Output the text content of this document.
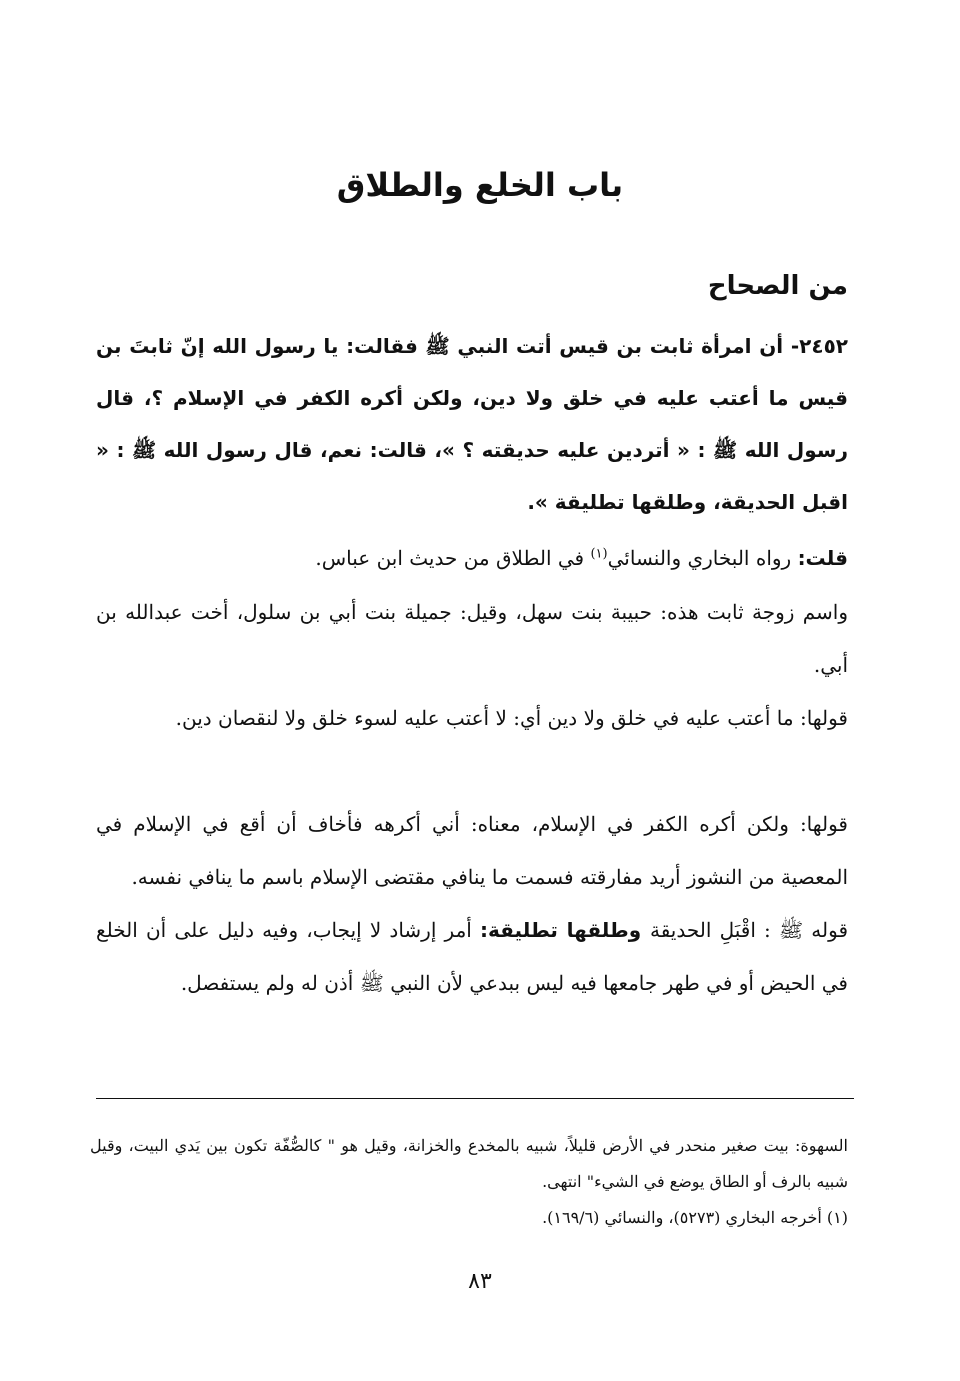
باب الخلع والطلاق
من الصحاح
٢٤٥٢- أن امرأة ثابت بن قيس أتت النبي ﷺ فقالت: يا رسول الله إنّ ثابتَ بن قيس ما أعتب عليه في خلق ولا دين، ولكن أكره الكفر في الإسلام ؟، قال رسول الله ﷺ : « أتردين عليه حديقته ؟ »، قالت: نعم، قال رسول الله ﷺ : « اقبل الحديقة، وطلقها تطليقة ».
قلت: رواه البخاري والنسائي$^{(١)}$ في الطلاق من حديث ابن عباس.
واسم زوجة ثابت هذه: حبيبة بنت سهل، وقيل: جميلة بنت أبي بن سلول، أخت عبدالله بن أبي.
قولها: ما أعتب عليه في خلق ولا دين أي: لا أعتب عليه لسوء خلق ولا لنقصان دين.
قولها: ولكن أكره الكفر في الإسلام، معناه: أني أكرهه فأخاف أن أقع في الإسلام في المعصية من النشوز أريد مفارقته فسمت ما ينافي مقتضى الإسلام باسم ما ينافي نفسه.
قوله ﷺ : اقْبَلِ الحديقة وطلقها تطليقة: أمر إرشاد لا إيجاب، وفيه دليل على أن الخلع في الحيض أو في طهر جامعها فيه ليس ببدعي لأن النبي ﷺ أذن له ولم يستفصل.

السهوة: بيت صغير منحدر في الأرض قليلاً، شبيه بالمخدع والخزانة، وقيل هو " كالصُّفّة تكون بين يَدي البيت، وقيل شبيه بالرف أو الطاق يوضع في الشيء" انتهى.

(١) أخرجه البخاري (٥٢٧٣)، والنسائي (١٦٩/٦).

٨٣
